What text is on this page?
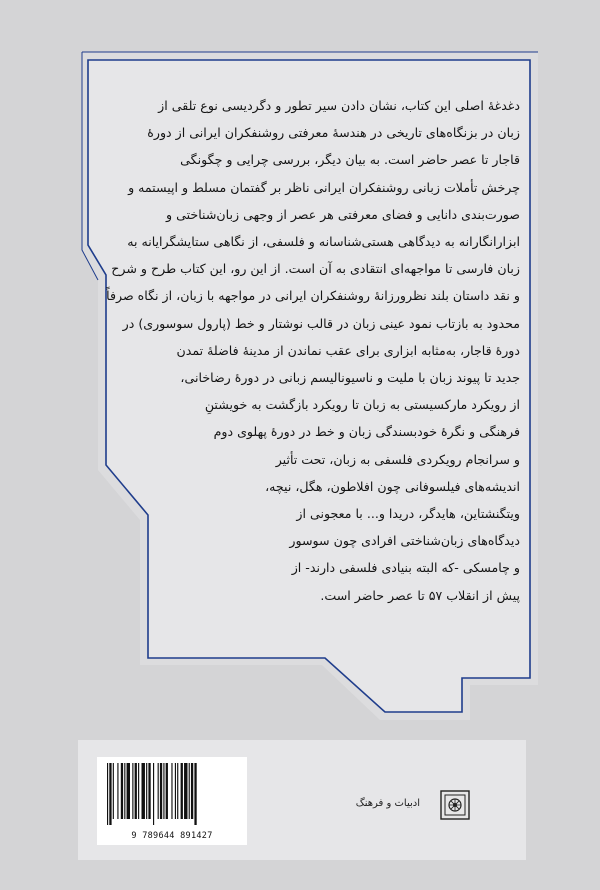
دغدغهٔ اصلی این کتاب، نشان دادن سیر تطور و دگردیسی نوع تلقی از
زبان در بزنگاه‌های تاریخی در هندسهٔ معرفتی روشنفکران ایرانی از دورهٔ
قاجار تا عصر حاضر است. به بیان دیگر، بررسی چرایی و چگونگی
چرخش تأملات زبانی روشنفکران ایرانی ناظر بر گفتمان مسلط و اپیستمه و
صورت‌بندی دانایی و فضای معرفتی هر عصر از وجهی زبان‌شناختی و
ابزارانگارانه به دیدگاهی هستی‌شناسانه و فلسفی، از نگاهی ستایشگرایانه به
زبان فارسی تا مواجهه‌ای انتقادی به آن است. از این رو، این کتاب طرح و شرح
و نقد داستان بلند نظرورزانهٔ روشنفکران ایرانی در مواجهه با زبان، از نگاه صرفاً
محدود به بازتاب نمود عینی زبان در قالب نوشتار و خط (پارول سوسوری) در
دورهٔ قاجار، به‌مثابه ابزاری برای عقب نماندن از مدینهٔ فاضلهٔ تمدن
جدید تا پیوند زبان با ملیت و ناسیونالیسم زبانی در دورهٔ رضاخانی،
از رویکرد مارکسیستی به زبان تا رویکرد بازگشت به خویشتنِ
فرهنگی و نگرهٔ خودبسندگی زبان و خط در دورهٔ پهلوی دوم
و سرانجام رویکردی فلسفی به زبان، تحت تأثیر
اندیشه‌های فیلسوفانی چون افلاطون، هگل، نیچه،
ویتگنشتاین، هایدگر، دریدا و... با معجونی از
دیدگاه‌های زبان‌شناختی افرادی چون سوسور
و چامسکی -که البته بنیادی فلسفی دارند- از
پیش از انقلاب ۵۷ تا عصر حاضر است.
ادبیات و فرهنگ
9 789644 891427
